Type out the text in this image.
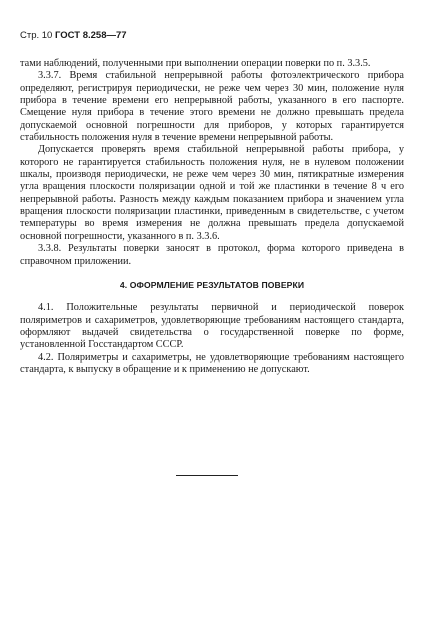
Стр. 10 ГОСТ 8.258—77

тами наблюдений, полученными при выполнении операции поверки по п. 3.3.5.

3.3.7. Время стабильной непрерывной работы фотоэлектрического прибора определяют, регистрируя периодически, не реже чем через 30 мин, положение нуля прибора в течение времени его непрерывной работы, указанного в его паспорте. Смещение нуля прибора в течение этого времени не должно превышать предела допускаемой основной погрешности для приборов, у которых гарантируется стабильность положения нуля в течение времени непрерывной работы.

Допускается проверять время стабильной непрерывной работы прибора, у которого не гарантируется стабильность положения нуля, не в нулевом положении шкалы, производя периодически, не реже чем через 30 мин, пятикратные измерения угла вращения плоскости поляризации одной и той же пластинки в течение 8 ч его непрерывной работы. Разность между каждым показанием прибора и значением угла вращения плоскости поляризации пластинки, приведенным в свидетельстве, с учетом температуры во время измерения не должна превышать предела допускаемой основной погрешности, указанного в п. 3.3.6.

3.3.8. Результаты поверки заносят в протокол, форма которого приведена в справочном приложении.

4. ОФОРМЛЕНИЕ РЕЗУЛЬТАТОВ ПОВЕРКИ

4.1. Положительные результаты первичной и периодической поверок поляриметров и сахариметров, удовлетворяющие требованиям настоящего стандарта, оформляют выдачей свидетельства о государственной поверке по форме, установленной Госстандартом СССР.

4.2. Поляриметры и сахариметры, не удовлетворяющие требованиям настоящего стандарта, к выпуску в обращение и к применению не допускают.
